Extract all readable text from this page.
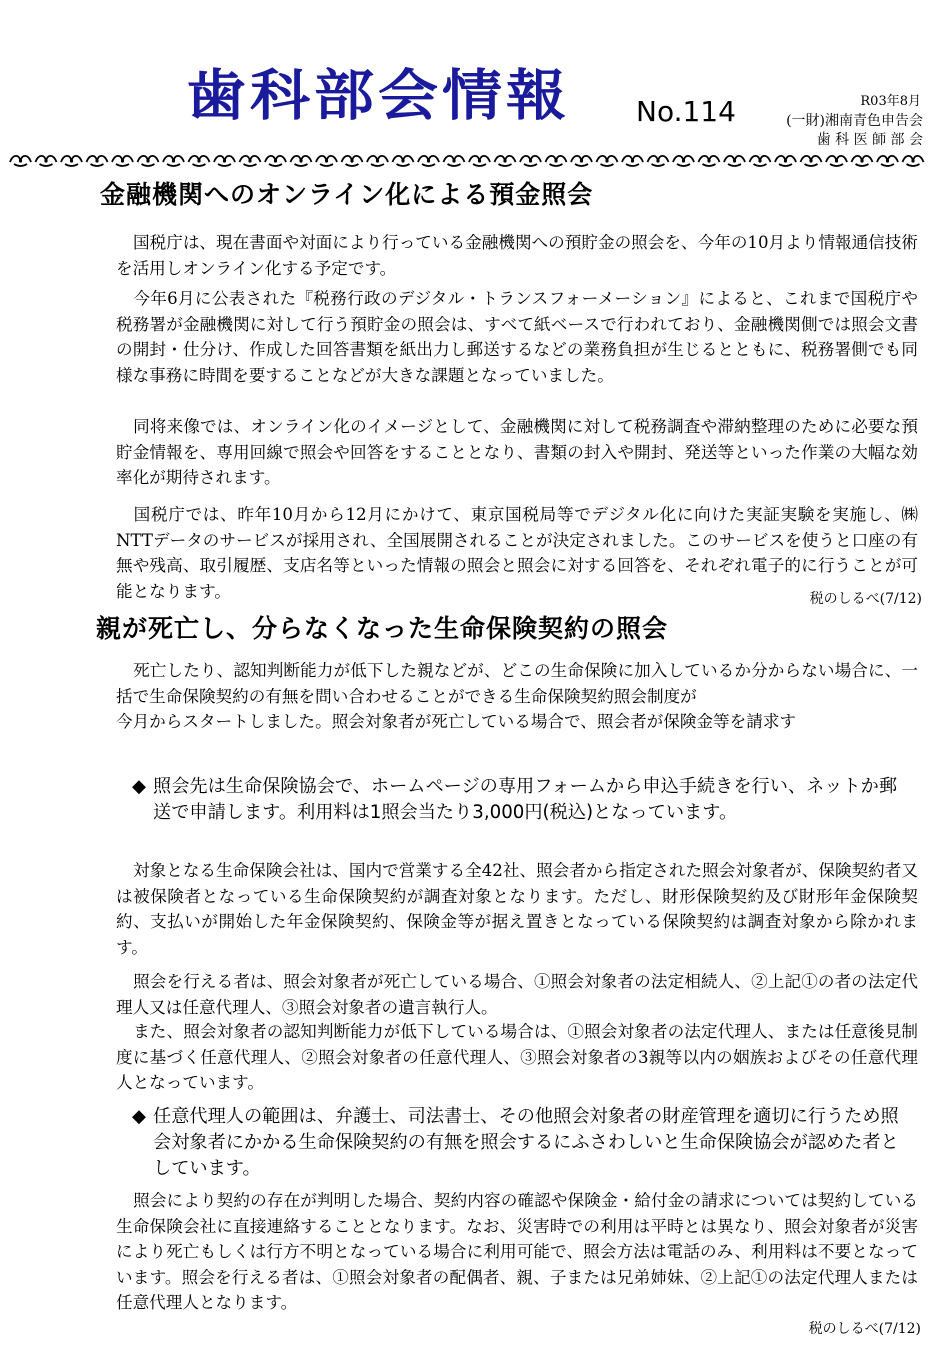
歯科部会情報 No.114	R03年8月
(一財)湘南青色申告会
歯 科 医 師 部 会
金融機関へのオンライン化による預金照会

国税庁は、現在書面や対面により行っている金融機関への預貯金の照会を、今年の10月より情報通信技術を活用しオンライン化する予定です。

今年6月に公表された『税務行政のデジタル・トランスフォーメーション』によると、これまで国税庁や税務署が金融機関に対して行う預貯金の照会は、すべて紙ベースで行われており、金融機関側では照会文書の開封・仕分け、作成した回答書類を紙出力し郵送するなどの業務負担が生じるとともに、税務署側でも同様な事務に時間を要することなどが大きな課題となっていました。

同将来像では、オンライン化のイメージとして、金融機関に対して税務調査や滞納整理のために必要な預貯金情報を、専用回線で照会や回答をすることとなり、書類の封入や開封、発送等といった作業の大幅な効率化が期待されます。

国税庁では、昨年10月から12月にかけて、東京国税局等でデジタル化に向けた実証実験を実施し、㈱NTTデータのサービスが採用され、全国展開されることが決定されました。このサービスを使うと口座の有無や残高、取引履歴、支店名等といった情報の照会と照会に対する回答を、それぞれ電子的に行うことが可能となります。	税のしるべ(7/12)
親が死亡し、分らなくなった生命保険契約の照会

死亡したり、認知判断能力が低下した親などが、どこの生命保険に加入しているか分からない場合に、一括で生命保険契約の有無を問い合わせることができる生命保険契約照会制度が
今月からスタートしました。照会対象者が死亡している場合で、照会者が保険金等を請求す

◆ 照会先は生命保険協会で、ホームページの専用フォームから申込手続きを行い、ネットか郵送で申請します。利用料は1照会当たり3,000円(税込)となっています。

対象となる生命保険会社は、国内で営業する全42社、照会者から指定された照会対象者が、保険契約者又は被保険者となっている生命保険契約が調査対象となります。ただし、財形保険契約及び財形年金保険契約、支払いが開始した年金保険契約、保険金等が据え置きとなっている保険契約は調査対象から除かれます。

照会を行える者は、照会対象者が死亡している場合、①照会対象者の法定相続人、②上記①の者の法定代理人又は任意代理人、③照会対象者の遺言執行人。

また、照会対象者の認知判断能力が低下している場合は、①照会対象者の法定代理人、または任意後見制度に基づく任意代理人、②照会対象者の任意代理人、③照会対象者の3親等以内の姻族およびその任意代理人となっています。

◆ 任意代理人の範囲は、弁護士、司法書士、その他照会対象者の財産管理を適切に行うため照会対象者にかかる生命保険契約の有無を照会するにふさわしいと生命保険協会が認めた者としています。

照会により契約の存在が判明した場合、契約内容の確認や保険金・給付金の請求については契約している生命保険会社に直接連絡することとなります。なお、災害時での利用は平時とは異なり、照会対象者が災害により死亡もしくは行方不明となっている場合に利用可能で、照会方法は電話のみ、利用料は不要となっています。照会を行える者は、①照会対象者の配偶者、親、子または兄弟姉妹、②上記①の法定代理人または任意代理人となります。

税のしるべ(7/12)
